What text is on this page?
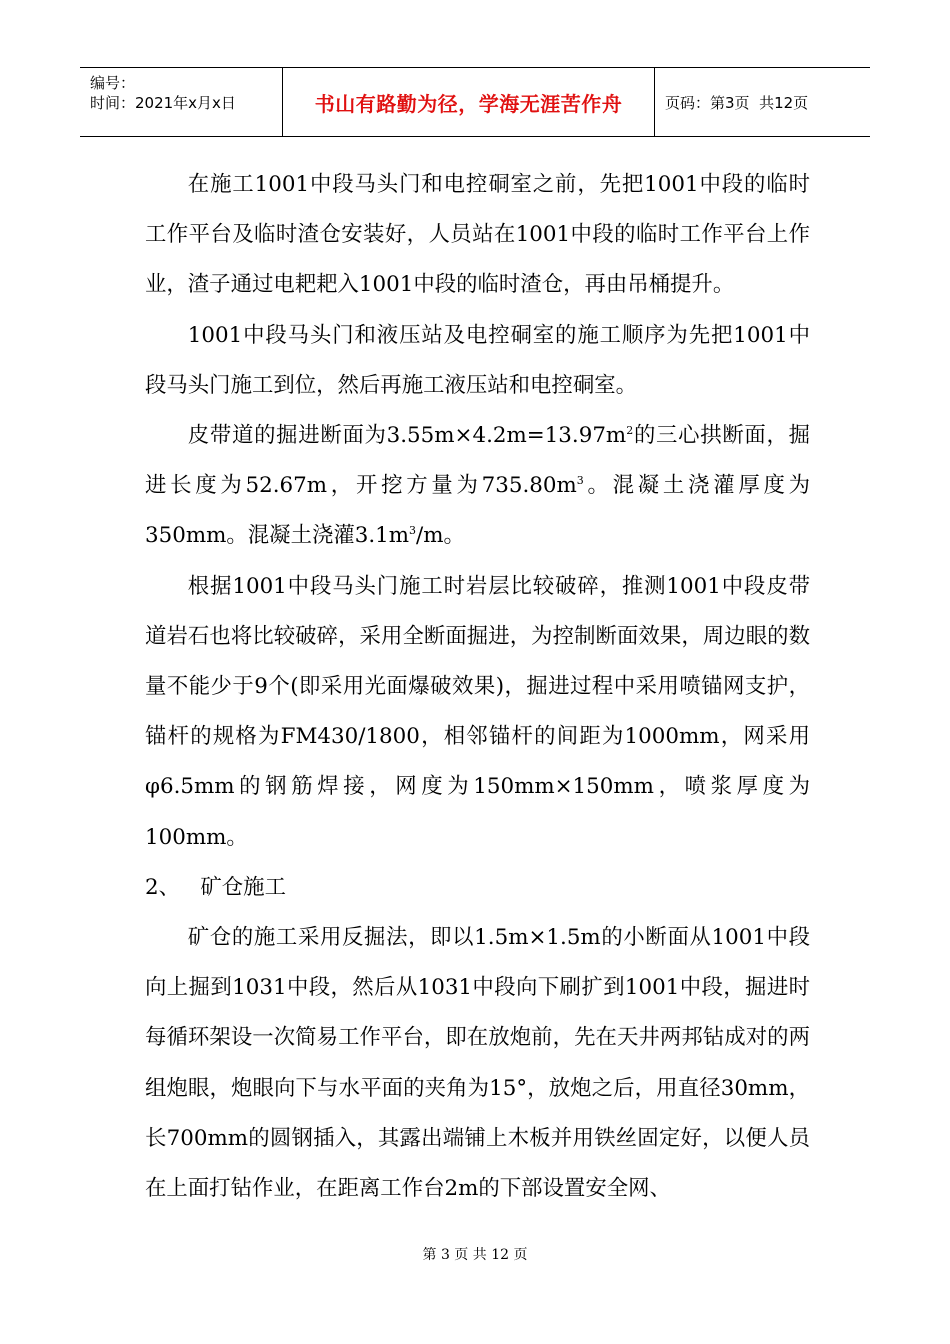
编号：
时间：2021年x月x日	书山有路勤为径，学海无涯苦作舟	页码：第3页  共12页

在施工1001中段马头门和电控硐室之前，先把1001中段的临时工作平台及临时渣仓安装好，人员站在1001中段的临时工作平台上作业，渣子通过电耙耙入1001中段的临时渣仓，再由吊桶提升。

1001中段马头门和液压站及电控硐室的施工顺序为先把1001中段马头门施工到位，然后再施工液压站和电控硐室。

皮带道的掘进断面为$3.55m\times 4.2m=13.97m^2$的三心拱断面，掘进长度为52.67m，开挖方量为$735.80m^3$。混凝土浇灌厚度为350mm。混凝土浇灌$3.1m^3/m$。

根据1001中段马头门施工时岩层比较破碎，推测1001中段皮带道岩石也将比较破碎，采用全断面掘进，为控制断面效果，周边眼的数量不能少于9个(即采用光面爆破效果)，掘进过程中采用喷锚网支护，锚杆的规格为FM430/1800，相邻锚杆的间距为1000mm，网采用 φ6.5mm的钢筋焊接，网度为150mm×150mm，喷浆厚度为100mm。

2、   矿仓施工

矿仓的施工采用反掘法，即以1.5m×1.5m的小断面从1001中段向上掘到1031中段，然后从1031中段向下刷扩到1001中段，掘进时每循环架设一次简易工作平台，即在放炮前，先在天井两邦钻成对的两组炮眼，炮眼向下与水平面的夹角为15°，放炮之后，用直径30mm，长700mm的圆钢插入，其露出端铺上木板并用铁丝固定好，以便人员在上面打钻作业，在距离工作台2m的下部设置安全网、

第 3 页 共 12 页
